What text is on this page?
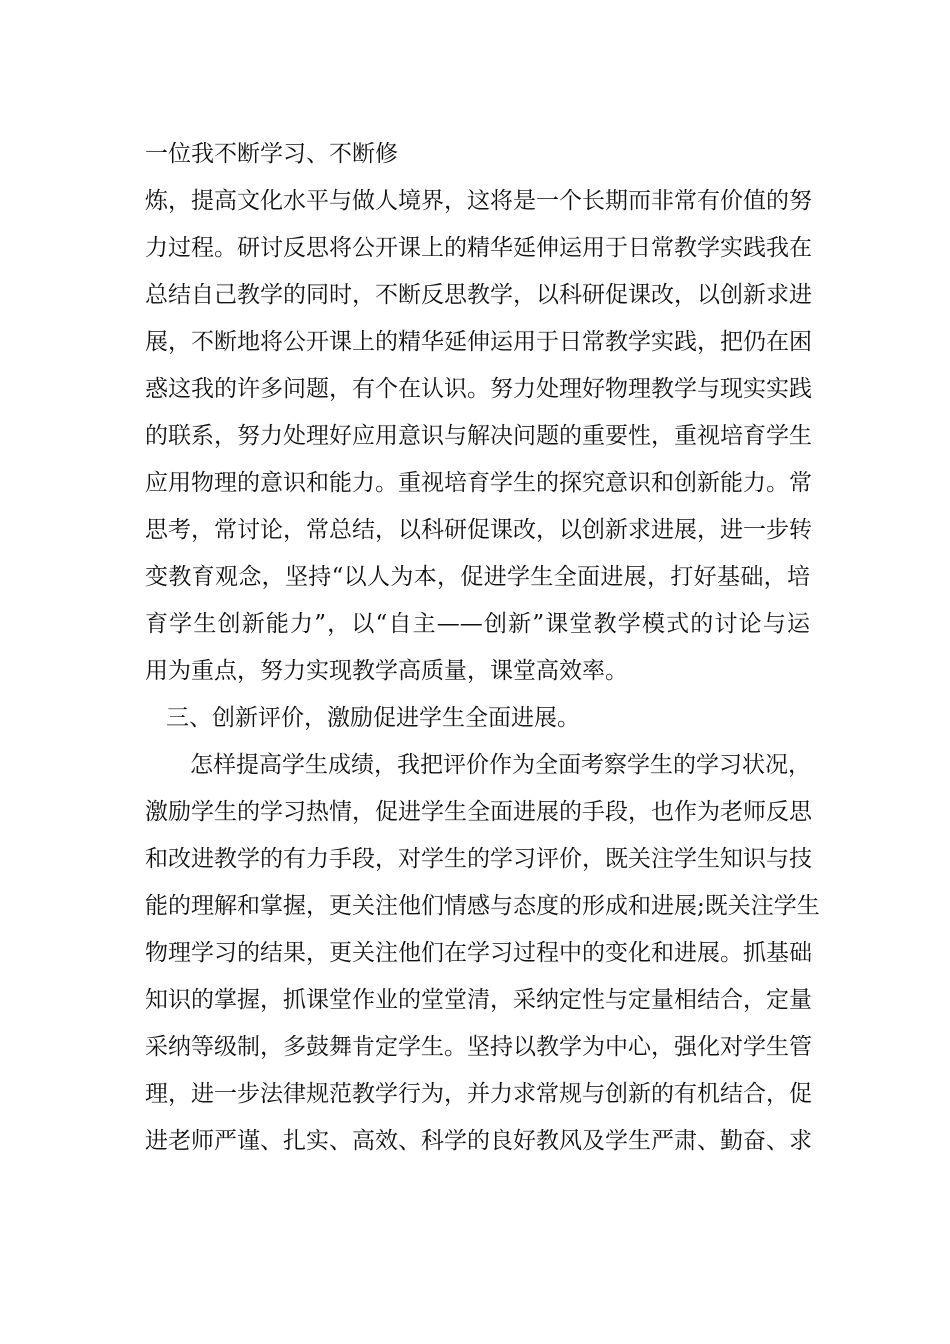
一位我不断学习、不断修
炼，提高文化水平与做人境界，这将是一个长期而非常有价值的努
力过程。研讨反思将公开课上的精华延伸运用于日常教学实践我在
总结自己教学的同时，不断反思教学，以科研促课改，以创新求进
展，不断地将公开课上的精华延伸运用于日常教学实践，把仍在困
惑这我的许多问题，有个在认识。努力处理好物理教学与现实实践
的联系，努力处理好应用意识与解决问题的重要性，重视培育学生
应用物理的意识和能力。重视培育学生的探究意识和创新能力。常
思考，常讨论，常总结，以科研促课改，以创新求进展，进一步转
变教育观念，坚持“以人为本，促进学生全面进展，打好基础，培
育学生创新能力”，以“自主——创新”课堂教学模式的讨论与运
用为重点，努力实现教学高质量，课堂高效率。
三、创新评价，激励促进学生全面进展。
怎样提高学生成绩，我把评价作为全面考察学生的学习状况，
激励学生的学习热情，促进学生全面进展的手段，也作为老师反思
和改进教学的有力手段，对学生的学习评价，既关注学生知识与技
能的理解和掌握，更关注他们情感与态度的形成和进展;既关注学生
物理学习的结果，更关注他们在学习过程中的变化和进展。抓基础
知识的掌握，抓课堂作业的堂堂清，采纳定性与定量相结合，定量
采纳等级制，多鼓舞肯定学生。坚持以教学为中心，强化对学生管
理，进一步法律规范教学行为，并力求常规与创新的有机结合，促
进老师严谨、扎实、高效、科学的良好教风及学生严肃、勤奋、求
